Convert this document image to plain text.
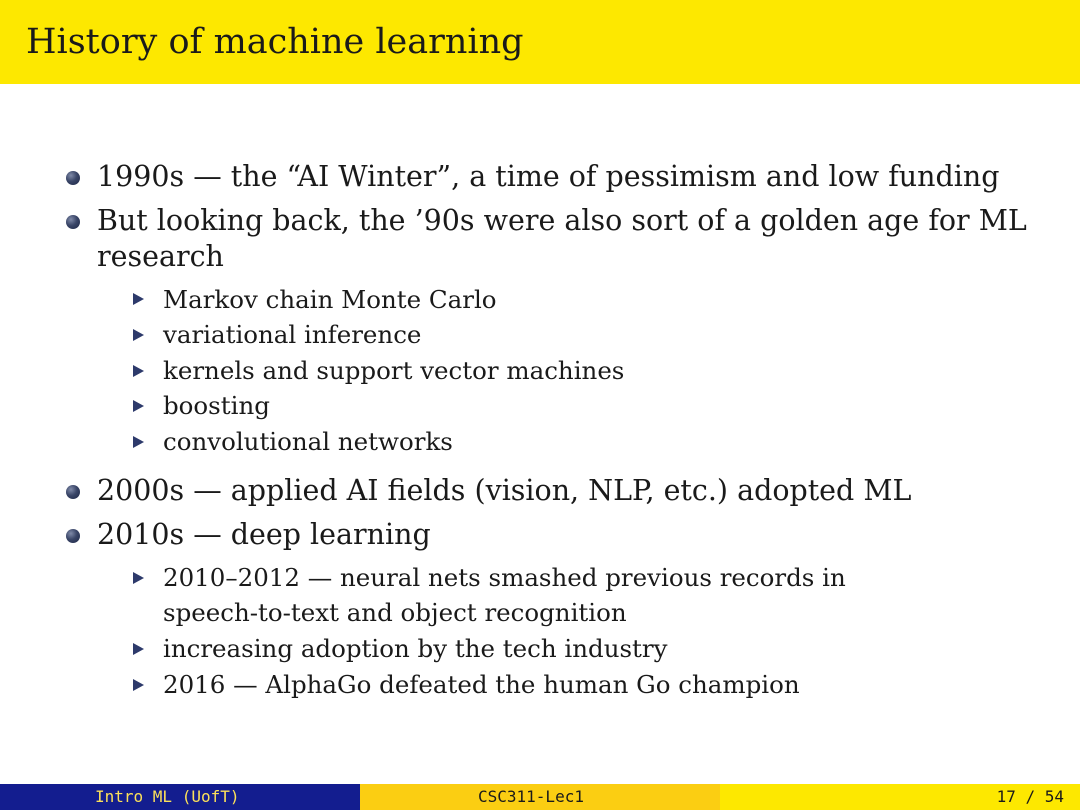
History of machine learning
1990s — the “AI Winter”, a time of pessimism and low funding
But looking back, the ’90s were also sort of a golden age for ML
research
Markov chain Monte Carlo
variational inference
kernels and support vector machines
boosting
convolutional networks
2000s — applied AI fields (vision, NLP, etc.) adopted ML
2010s — deep learning
2010–2012 — neural nets smashed previous records in
speech-to-text and object recognition
increasing adoption by the tech industry
2016 — AlphaGo defeated the human Go champion
Intro ML (UofT)	CSC311-Lec1	17 / 54
